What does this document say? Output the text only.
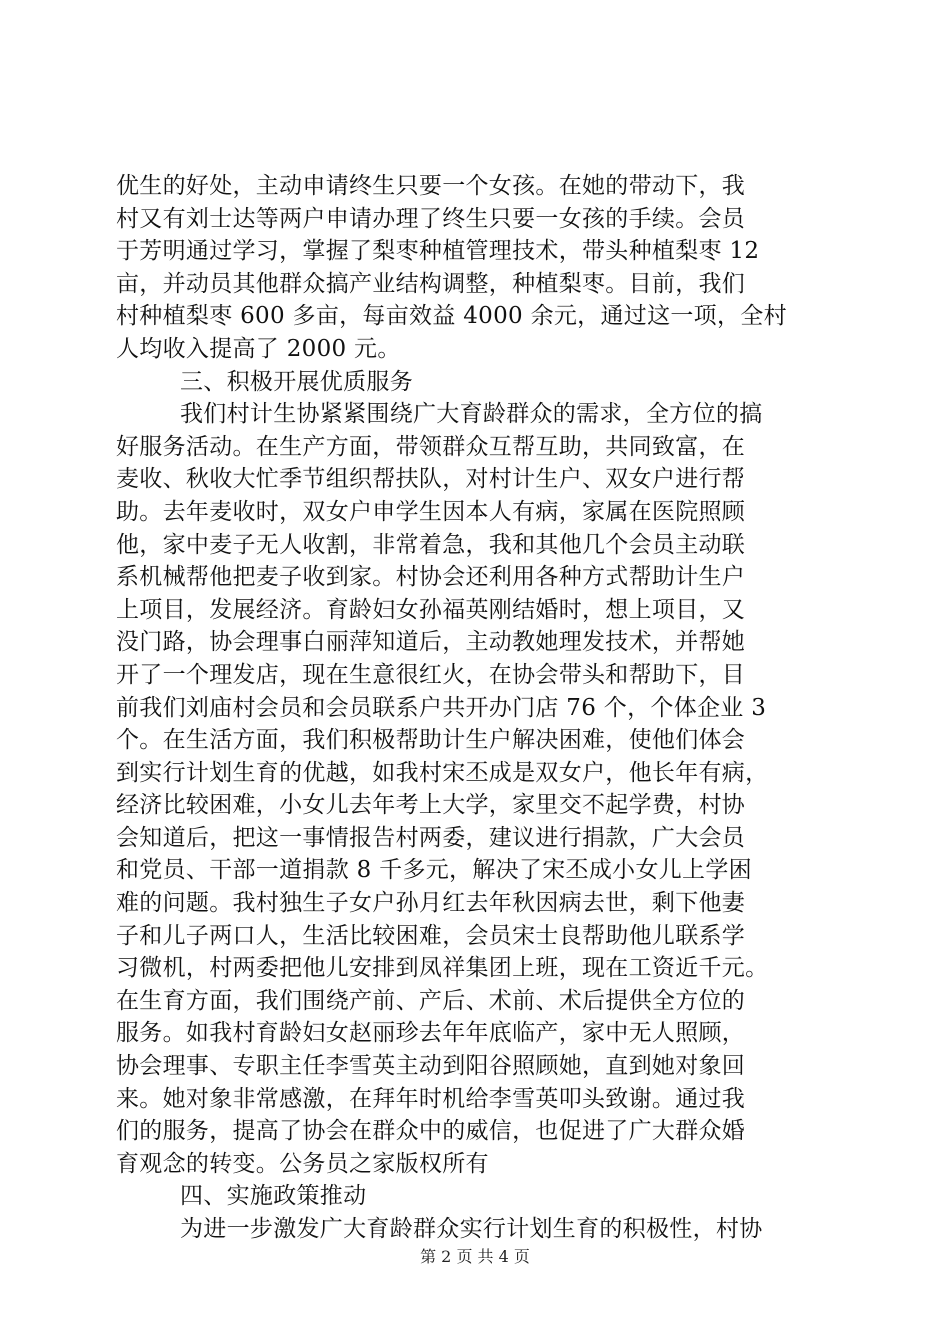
优生的好处，主动申请终生只要一个女孩。在她的带动下，我
村又有刘士达等两户申请办理了终生只要一女孩的手续。会员
于芳明通过学习，掌握了梨枣种植管理技术，带头种植梨枣 12
亩，并动员其他群众搞产业结构调整，种植梨枣。目前，我们
村种植梨枣 600 多亩，每亩效益 4000 余元，通过这一项，全村
人均收入提高了 2000 元。
三、积极开展优质服务
我们村计生协紧紧围绕广大育龄群众的需求，全方位的搞
好服务活动。在生产方面，带领群众互帮互助，共同致富，在
麦收、秋收大忙季节组织帮扶队，对村计生户、双女户进行帮
助。去年麦收时，双女户申学生因本人有病，家属在医院照顾
他，家中麦子无人收割，非常着急，我和其他几个会员主动联
系机械帮他把麦子收到家。村协会还利用各种方式帮助计生户
上项目，发展经济。育龄妇女孙福英刚结婚时，想上项目，又
没门路，协会理事白丽萍知道后，主动教她理发技术，并帮她
开了一个理发店，现在生意很红火，在协会带头和帮助下，目
前我们刘庙村会员和会员联系户共开办门店 76 个，个体企业 3
个。在生活方面，我们积极帮助计生户解决困难，使他们体会
到实行计划生育的优越，如我村宋丕成是双女户，他长年有病，
经济比较困难，小女儿去年考上大学，家里交不起学费，村协
会知道后，把这一事情报告村两委，建议进行捐款，广大会员
和党员、干部一道捐款 8 千多元，解决了宋丕成小女儿上学困
难的问题。我村独生子女户孙月红去年秋因病去世，剩下他妻
子和儿子两口人，生活比较困难，会员宋士良帮助他儿联系学
习微机，村两委把他儿安排到凤祥集团上班，现在工资近千元。
在生育方面，我们围绕产前、产后、术前、术后提供全方位的
服务。如我村育龄妇女赵丽珍去年年底临产，家中无人照顾，
协会理事、专职主任李雪英主动到阳谷照顾她，直到她对象回
来。她对象非常感激，在拜年时机给李雪英叩头致谢。通过我
们的服务，提高了协会在群众中的威信，也促进了广大群众婚
育观念的转变。公务员之家版权所有
四、实施政策推动
为进一步激发广大育龄群众实行计划生育的积极性，村协
第 2 页 共 4 页
